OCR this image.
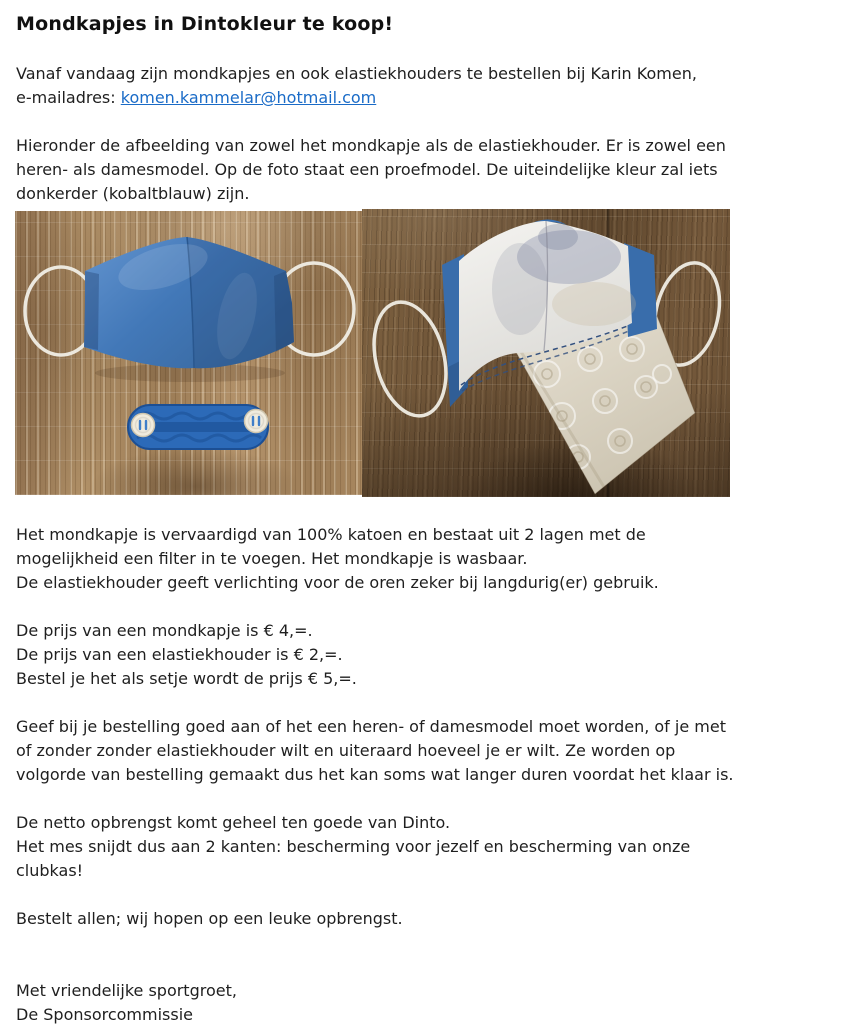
Mondkapjes in Dintokleur te koop!
Vanaf vandaag zijn mondkapjes en ook elastiekhouders te bestellen bij Karin Komen,
e-mailadres: komen.kammelar@hotmail.com
Hieronder de afbeelding van zowel het mondkapje als de elastiekhouder. Er is zowel een
heren- als damesmodel. Op de foto staat een proefmodel. De uiteindelijke kleur zal iets
donkerder (kobaltblauw) zijn.
Het mondkapje is vervaardigd van 100% katoen en bestaat uit 2 lagen met de
mogelijkheid een filter in te voegen. Het mondkapje is wasbaar.
De elastiekhouder geeft verlichting voor de oren zeker bij langdurig(er) gebruik.
De prijs van een mondkapje is € 4,=.
De prijs van een elastiekhouder is € 2,=.
Bestel je het als setje wordt de prijs € 5,=.
Geef bij je bestelling goed aan of het een heren- of damesmodel moet worden, of je met
of zonder zonder elastiekhouder wilt en uiteraard hoeveel je er wilt. Ze worden op
volgorde van bestelling gemaakt dus het kan soms wat langer duren voordat het klaar is.
De netto opbrengst komt geheel ten goede van Dinto.
Het mes snijdt dus aan 2 kanten: bescherming voor jezelf en bescherming van onze
clubkas!
Bestelt allen; wij hopen op een leuke opbrengst.
Met vriendelijke sportgroet,
De Sponsorcommissie
